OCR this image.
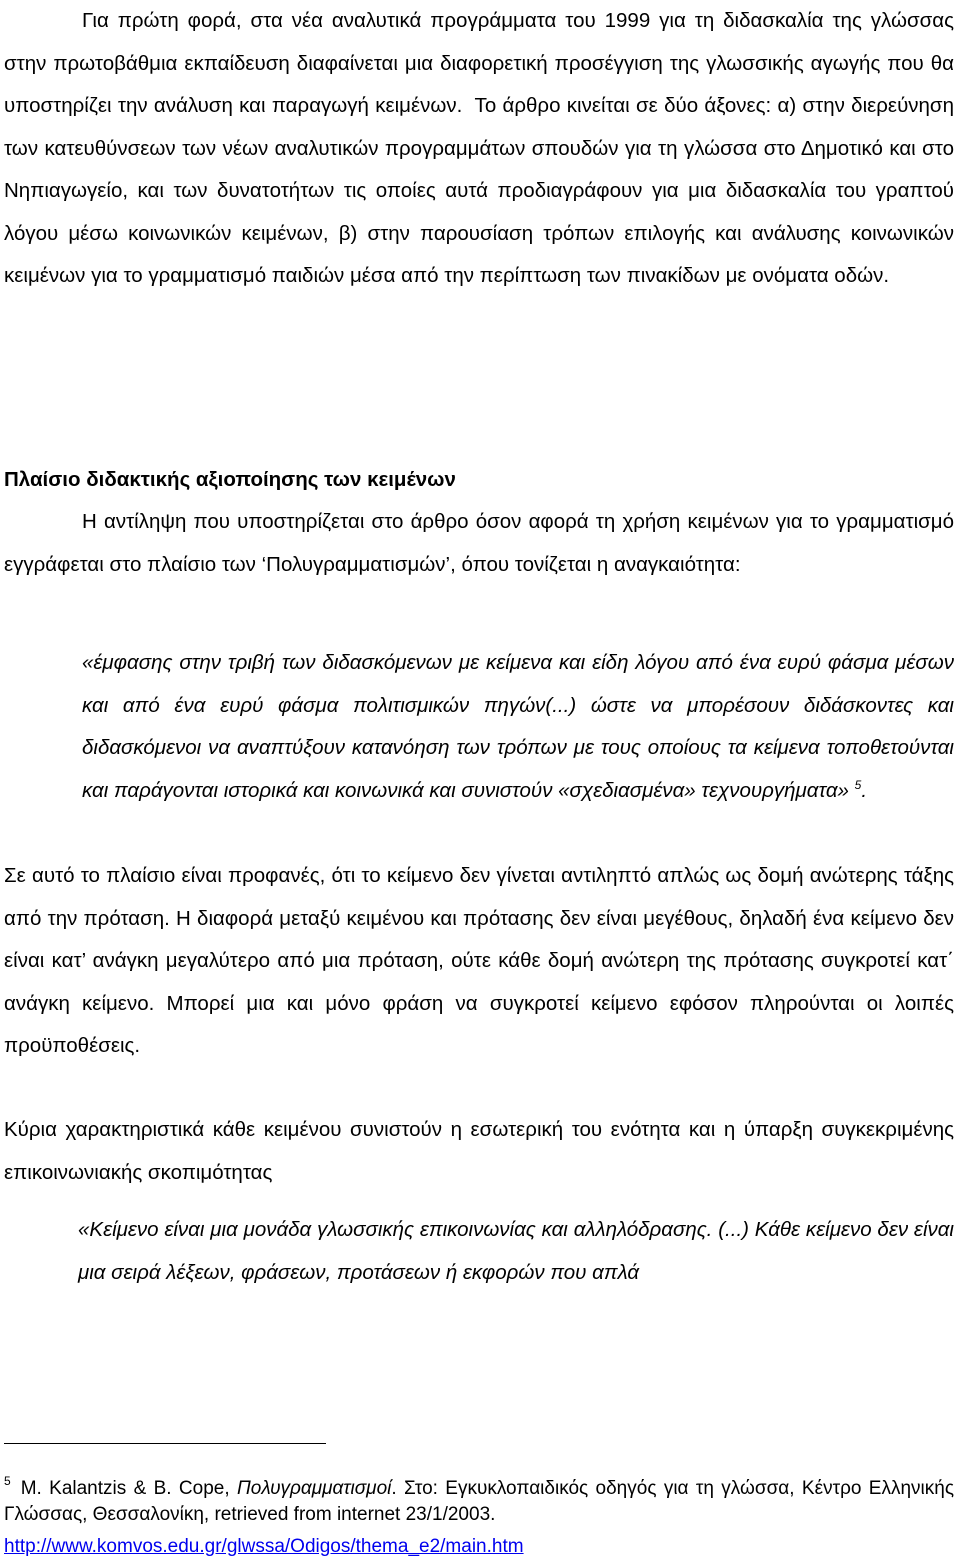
Για πρώτη φορά, στα νέα αναλυτικά προγράμματα του 1999 για τη διδασκαλία της γλώσσας στην πρωτοβάθμια εκπαίδευση διαφαίνεται μια διαφορετική προσέγγιση της γλωσσικής αγωγής που θα υποστηρίζει την ανάλυση και παραγωγή κειμένων. Το άρθρο κινείται σε δύο άξονες: α) στην διερεύνηση των κατευθύνσεων των νέων αναλυτικών προγραμμάτων σπουδών για τη γλώσσα στο Δημοτικό και στο Νηπιαγωγείο, και των δυνατοτήτων τις οποίες αυτά προδιαγράφουν για μια διδασκαλία του γραπτού λόγου μέσω κοινωνικών κειμένων, β) στην παρουσίαση τρόπων επιλογής και ανάλυσης κοινωνικών κειμένων για το γραμματισμό παιδιών μέσα από την περίπτωση των πινακίδων με ονόματα οδών.

Πλαίσιο διδακτικής αξιοποίησης των κειμένων

Η αντίληψη που υποστηρίζεται στο άρθρο όσον αφορά τη χρήση κειμένων για το γραμματισμό εγγράφεται στο πλαίσιο των ‘Πολυγραμματισμών’, όπου τονίζεται η αναγκαιότητα:

«έμφασης στην τριβή των διδασκόμενων με κείμενα και είδη λόγου από ένα ευρύ φάσμα μέσων και από ένα ευρύ φάσμα πολιτισμικών πηγών(...) ώστε να μπορέσουν διδάσκοντες και διδασκόμενοι να αναπτύξουν κατανόηση των τρόπων με τους οποίους τα κείμενα τοποθετούνται και παράγονται ιστορικά και κοινωνικά και συνιστούν «σχεδιασμένα» τεχνουργήματα» $^5$.

Σε αυτό το πλαίσιο είναι προφανές, ότι το κείμενο δεν γίνεται αντιληπτό απλώς ως δομή ανώτερης τάξης από την πρόταση. Η διαφορά μεταξύ κειμένου και πρότασης δεν είναι μεγέθους, δηλαδή ένα κείμενο δεν είναι κατ’ ανάγκη μεγαλύτερο από μια πρόταση, ούτε κάθε δομή ανώτερη της πρότασης συγκροτεί κατ΄ ανάγκη κείμενο. Μπορεί μια και μόνο φράση να συγκροτεί κείμενο εφόσον πληρούνται οι λοιπές προϋποθέσεις.

Κύρια χαρακτηριστικά κάθε κειμένου συνιστούν η εσωτερική του ενότητα και η ύπαρξη συγκεκριμένης επικοινωνιακής σκοπιμότητας

«Κείμενο είναι μια μονάδα γλωσσικής επικοινωνίας και αλληλόδρασης. (...) Κάθε κείμενο δεν είναι μια σειρά λέξεων, φράσεων, προτάσεων ή εκφορών που απλά

$^5$ M. Kalantzis & B. Cope, Πολυγραμματισμοί. Στο: Εγκυκλοπαιδικός οδηγός για τη γλώσσα, Κέντρο Ελληνικής Γλώσσας, Θεσσαλονίκη, retrieved from internet 23/1/2003.

http://www.komvos.edu.gr/glwssa/Odigos/thema_e2/main.htm
